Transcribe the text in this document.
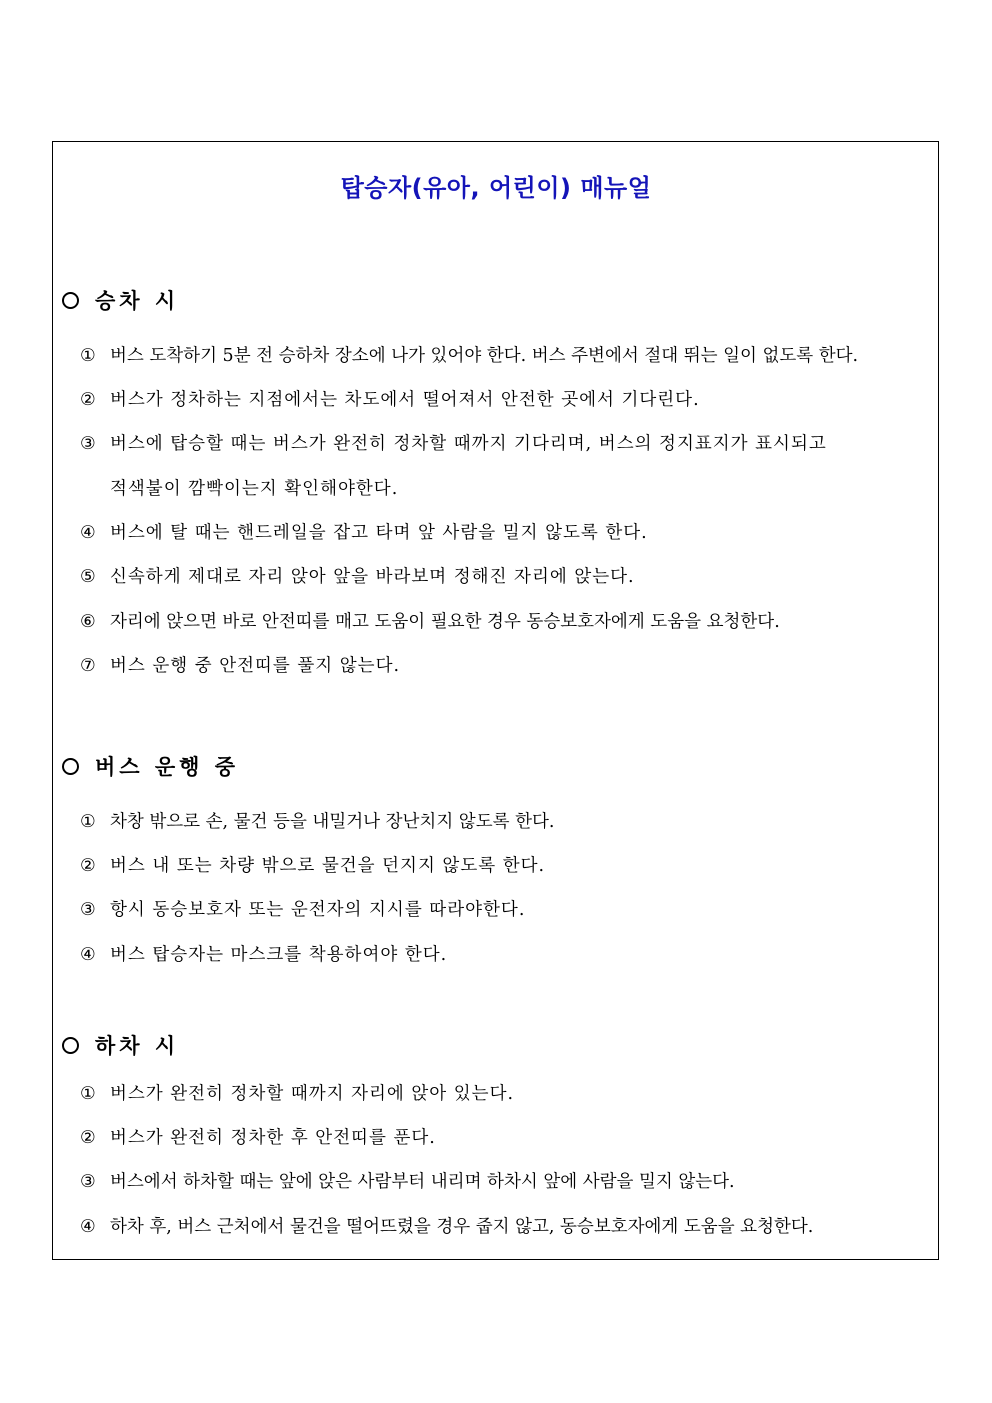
탑승자(유아, 어린이) 매뉴얼
승차 시
① 버스 도착하기 5분 전 승하차 장소에 나가 있어야 한다. 버스 주변에서 절대 뛰는 일이 없도록 한다.
② 버스가 정차하는 지점에서는 차도에서 떨어져서 안전한 곳에서 기다린다.
③ 버스에 탑승할 때는 버스가 완전히 정차할 때까지 기다리며, 버스의 정지표지가 표시되고
적색불이 깜빡이는지 확인해야한다.
④ 버스에 탈 때는 핸드레일을 잡고 타며 앞 사람을 밀지 않도록 한다.
⑤ 신속하게 제대로 자리 앉아 앞을 바라보며 정해진 자리에 앉는다.
⑥ 자리에 앉으면 바로 안전띠를 매고 도움이 필요한 경우 동승보호자에게 도움을 요청한다.
⑦ 버스 운행 중 안전띠를 풀지 않는다.
버스 운행 중
① 차창 밖으로 손, 물건 등을 내밀거나 장난치지 않도록 한다.
② 버스 내 또는 차량 밖으로 물건을 던지지 않도록 한다.
③ 항시 동승보호자 또는 운전자의 지시를 따라야한다.
④ 버스 탑승자는 마스크를 착용하여야 한다.
하차 시
① 버스가 완전히 정차할 때까지 자리에 앉아 있는다.
② 버스가 완전히 정차한 후 안전띠를 푼다.
③ 버스에서 하차할 때는 앞에 앉은 사람부터 내리며 하차시 앞에 사람을 밀지 않는다.
④ 하차 후, 버스 근처에서 물건을 떨어뜨렸을 경우 줍지 않고, 동승보호자에게 도움을 요청한다.
